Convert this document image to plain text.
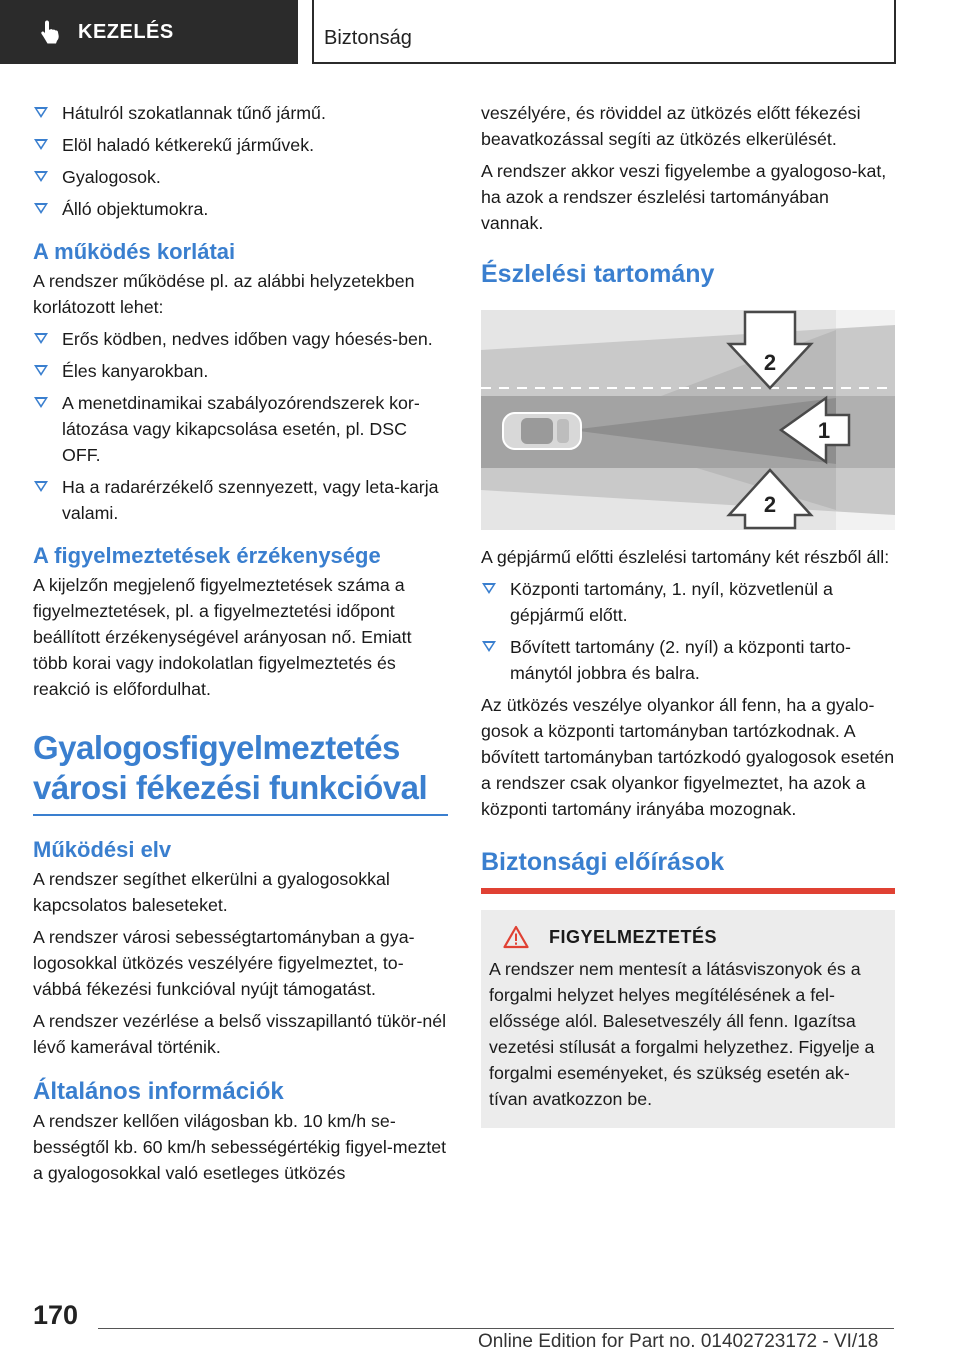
KEZELÉS	Biztonság
Hátulról szokatlannak tűnő jármű.
Elöl haladó kétkerekű járművek.
Gyalogosok.
Álló objektumokra.
A működés korlátai

A rendszer működése pl. az alábbi helyzetekben korlátozott lehet:

Erős ködben, nedves időben vagy hóesés-ben.
Éles kanyarokban.
A menetdinamikai szabályozórendszerek kor-látozása vagy kikapcsolása esetén, pl. DSC OFF.
Ha a radarérzékelő szennyezett, vagy leta-karja valami.
A figyelmeztetések érzékenysége

A kijelzőn megjelenő figyelmeztetések száma a figyelmeztetések, pl. a figyelmeztetési időpont beállított érzékenységével arányosan nő. Emiatt több korai vagy indokolatlan figyelmeztetés és reakció is előfordulhat.

Gyalogosfigyelmeztetés
városi fékezési funkcióval
Működési elv

A rendszer segíthet elkerülni a gyalogosokkal kapcsolatos baleseteket.

A rendszer városi sebességtartományban a gya-logosokkal ütközés veszélyére figyelmeztet, to-vábbá fékezési funkcióval nyújt támogatást.

A rendszer vezérlése a belső visszapillantó tükör-nél lévő kamerával történik.

Általános információk

A rendszer kellően világosban kb. 10 km/h se-bességtől kb. 60 km/h sebességértékig figyel-meztet a gyalogosokkal való esetleges ütközés

veszélyére, és röviddel az ütközés előtt fékezési beavatkozással segíti az ütközés elkerülését.

A rendszer akkor veszi figyelembe a gyalogoso-kat, ha azok a rendszer észlelési tartományában vannak.

Észlelési tartomány
2
1
2

A gépjármű előtti észlelési tartomány két részből áll:

Központi tartomány, 1. nyíl, közvetlenül a gépjármű előtt.
Bővített tartomány (2. nyíl) a központi tarto-mánytól jobbra és balra.

Az ütközés veszélye olyankor áll fenn, ha a gyalo-gosok a központi tartományban tartózkodnak. A bővített tartományban tartózkodó gyalogosok esetén a rendszer csak olyankor figyelmeztet, ha azok a központi tartomány irányába mozognak.

Biztonsági előírások
FIGYELMEZTETÉS

A rendszer nem mentesít a látásviszonyok és a forgalmi helyzet helyes megítélésének a fel-előssége alól. Balesetveszély áll fenn. Igazítsa vezetési stílusát a forgalmi helyzethez. Figyelje a forgalmi eseményeket, és szükség esetén ak-tívan avatkozzon be.

170
Online Edition for Part no. 01402723172 - VI/18
